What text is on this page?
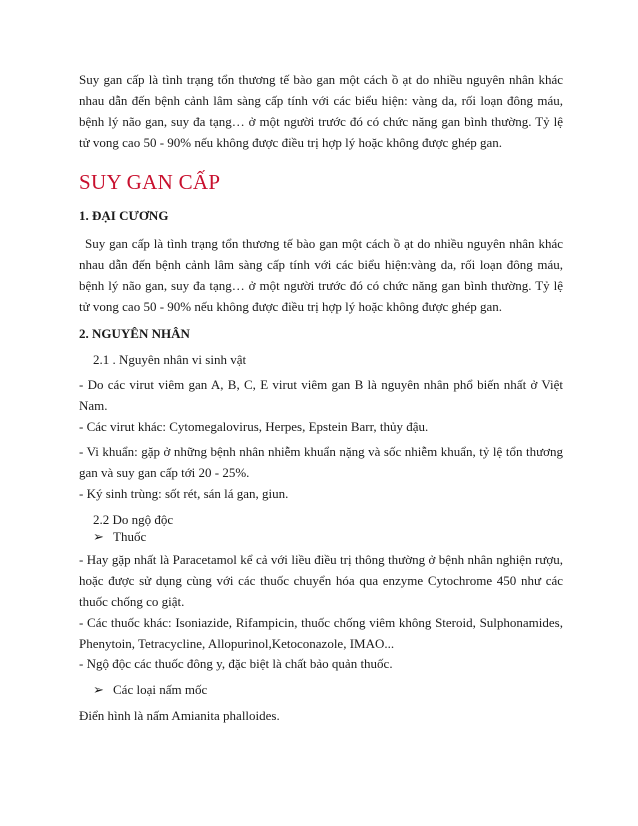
Suy gan cấp là tình trạng tổn thương tế bào gan một cách ồ ạt do nhiều nguyên nhân khác nhau dẫn đến bệnh cảnh lâm sàng cấp tính với các biểu hiện: vàng da, rối loạn đông máu, bệnh lý não gan, suy đa tạng… ở một người trước đó có chức năng gan bình thường. Tỷ lệ tử vong cao 50 - 90% nếu không được điều trị hợp lý hoặc không được ghép gan.

SUY GAN CẤP
1. ĐẠI CƯƠNG

Suy gan cấp là tình trạng tổn thương tế bào gan một cách ồ ạt do nhiều nguyên nhân khác nhau dẫn đến bệnh cảnh lâm sàng cấp tính với các biểu hiện:vàng da, rối loạn đông máu, bệnh lý não gan, suy đa tạng… ở một người trước đó có chức năng gan bình thường. Tỷ lệ tử vong cao 50 - 90% nếu không được điều trị hợp lý hoặc không được ghép gan.

2. NGUYÊN NHÂN

2.1 . Nguyên nhân vi sinh vật

- Do các virut viêm gan A, B, C, E virut viêm gan B là nguyên nhân phổ biến nhất ở Việt Nam.

- Các virut khác: Cytomegalovirus, Herpes, Epstein Barr, thủy đậu.

- Vi khuẩn: gặp ở những bệnh nhân nhiễm khuẩn nặng và sốc nhiễm khuẩn, tỷ lệ tổn thương gan và suy gan cấp tới 20 - 25%.

- Ký sinh trùng: sốt rét, sán lá gan, giun.

2.2 Do ngộ độc

➢ Thuốc

- Hay gặp nhất là Paracetamol kể cả với liều điều trị thông thường ở bệnh nhân nghiện rượu, hoặc được sử dụng cùng với các thuốc chuyển hóa qua enzyme Cytochrome 450 như các thuốc chống co giật.

- Các thuốc khác: Isoniazide, Rifampicin, thuốc chống viêm không Steroid, Sulphonamides, Phenytoin, Tetracycline, Allopurinol,Ketoconazole, IMAO...

- Ngộ độc các thuốc đông y, đặc biệt là chất bảo quản thuốc.

➢ Các loại nấm mốc

Điển hình là nấm Amianita phalloides.
